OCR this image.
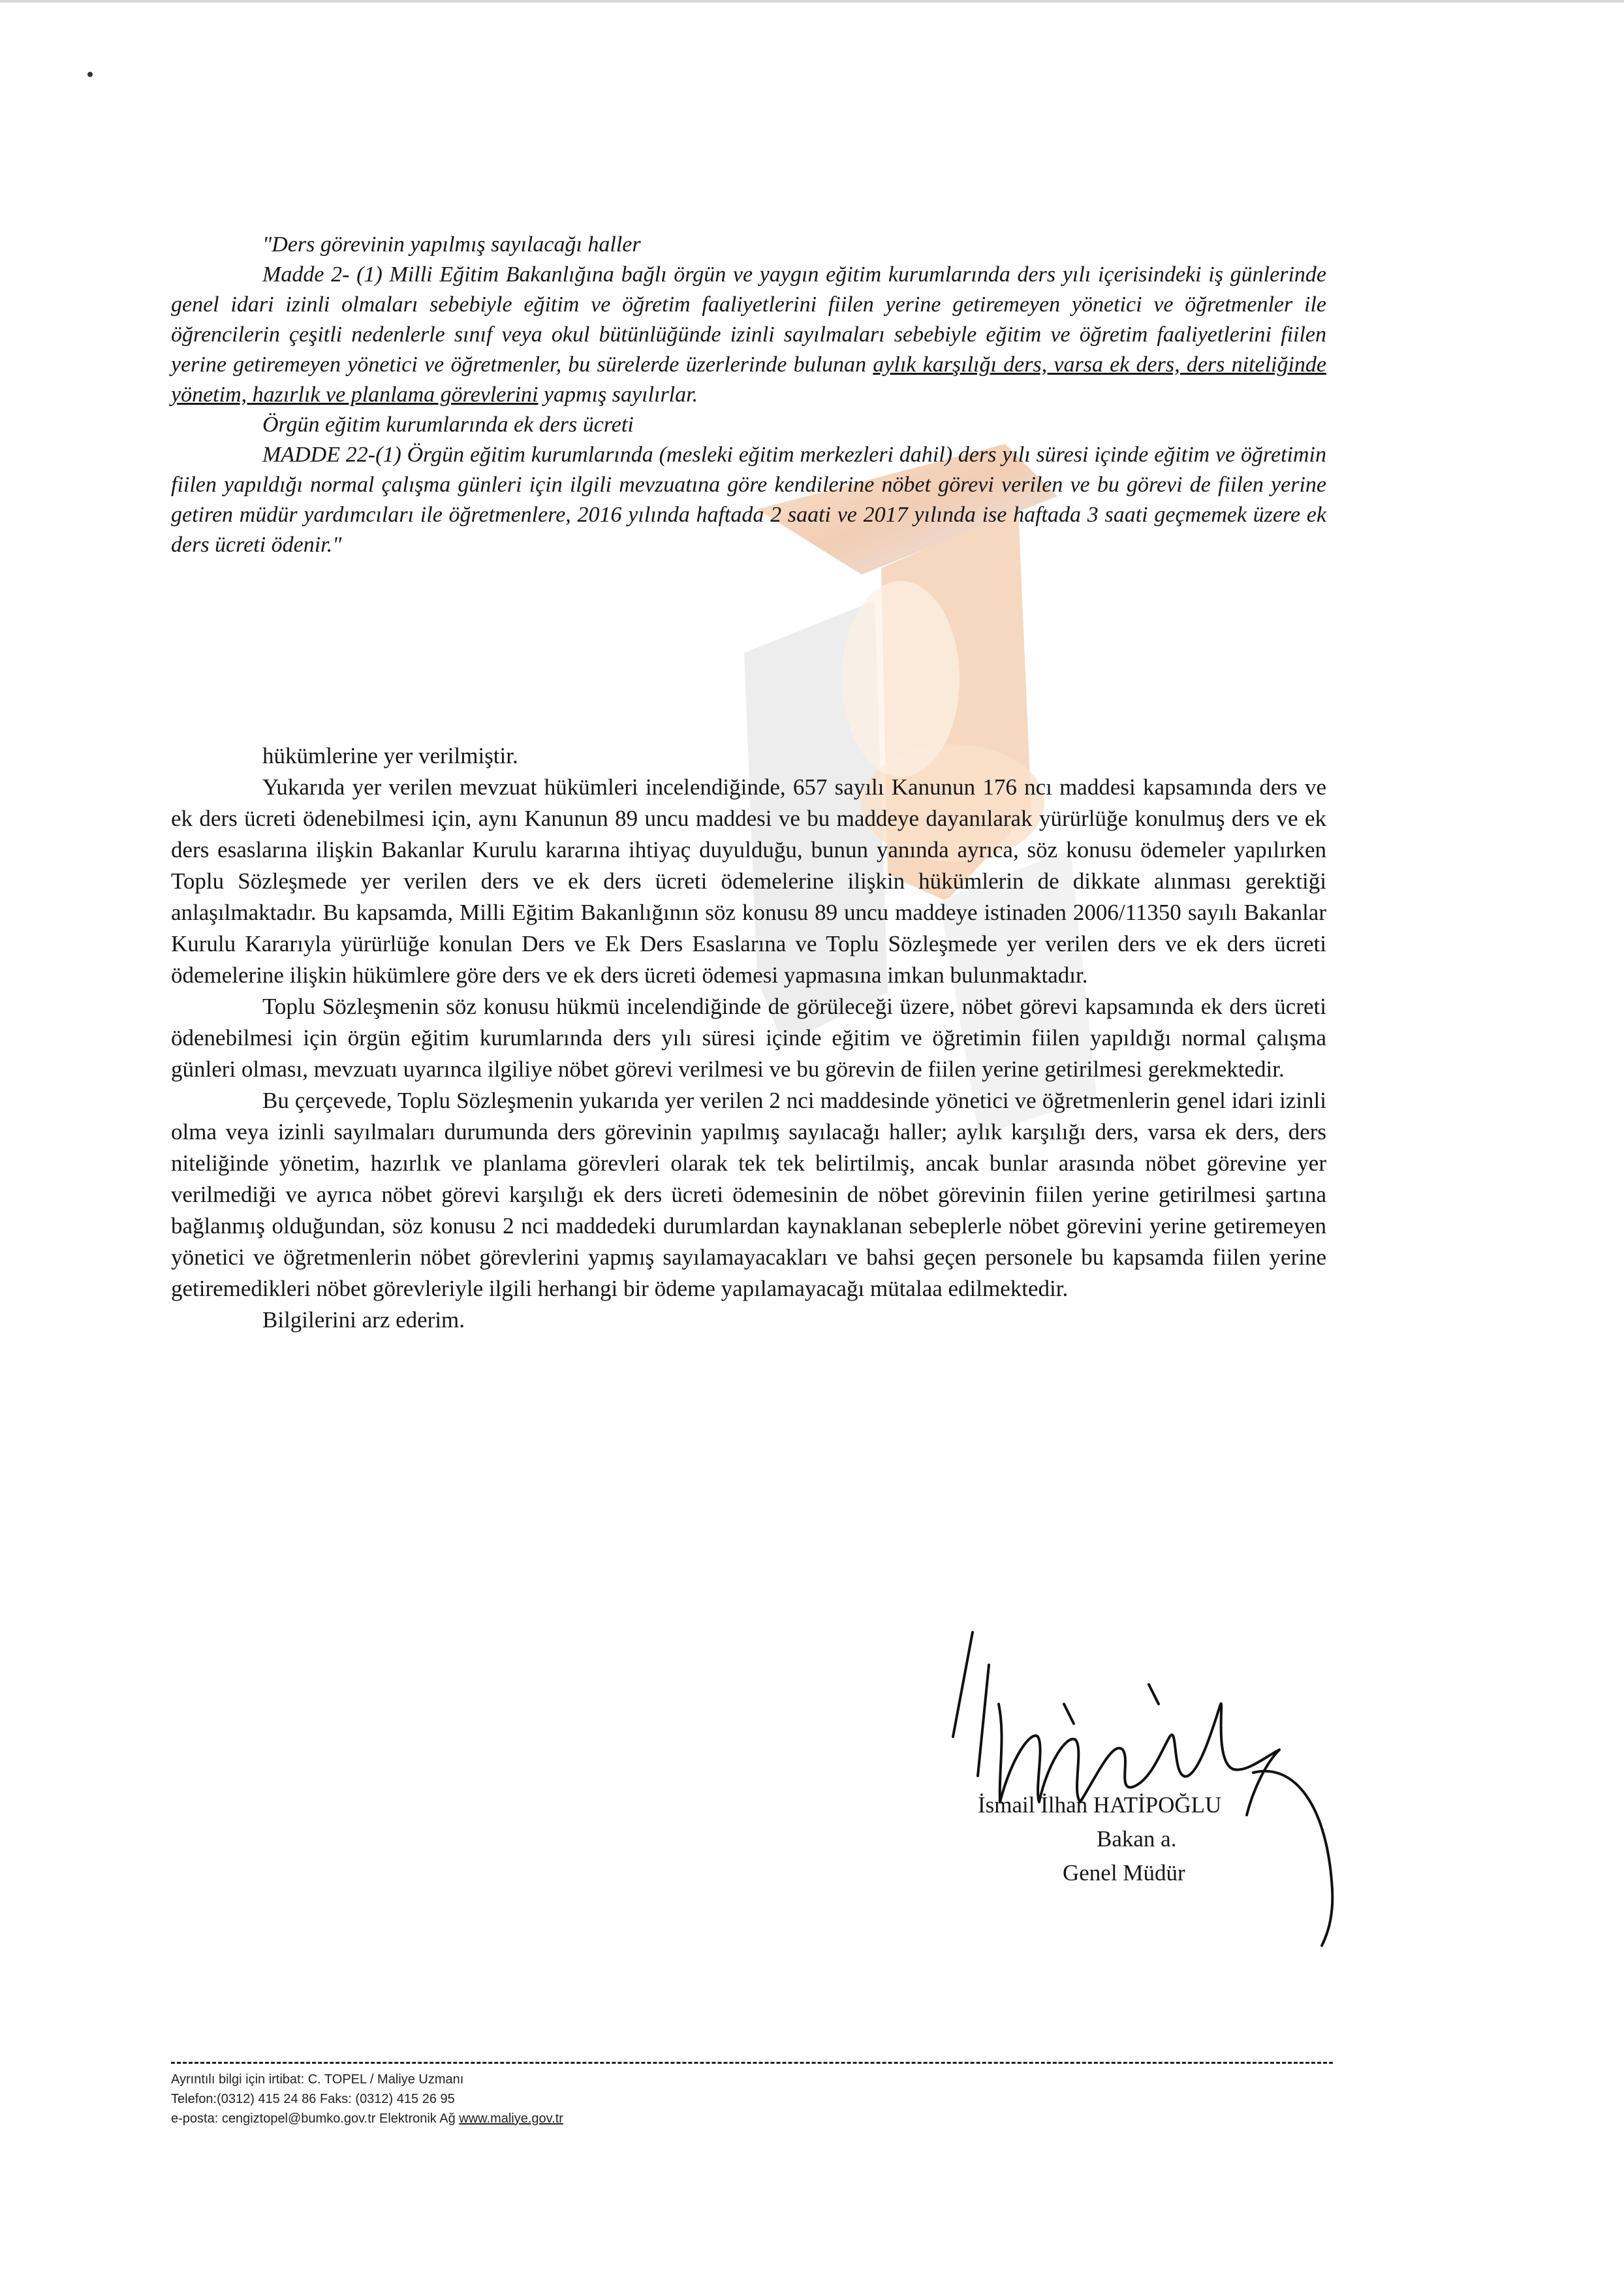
"Ders görevinin yapılmış sayılacağı haller

Madde 2- (1) Milli Eğitim Bakanlığına bağlı örgün ve yaygın eğitim kurumlarında ders yılı içerisindeki iş günlerinde genel idari izinli olmaları sebebiyle eğitim ve öğretim faaliyetlerini fiilen yerine getiremeyen yönetici ve öğretmenler ile öğrencilerin çeşitli nedenlerle sınıf veya okul bütünlüğünde izinli sayılmaları sebebiyle eğitim ve öğretim faaliyetlerini fiilen yerine getiremeyen yönetici ve öğretmenler, bu sürelerde üzerlerinde bulunan aylık karşılığı ders, varsa ek ders, ders niteliğinde yönetim, hazırlık ve planlama görevlerini yapmış sayılırlar.

Örgün eğitim kurumlarında ek ders ücreti

MADDE 22-(1) Örgün eğitim kurumlarında (mesleki eğitim merkezleri dahil) ders yılı süresi içinde eğitim ve öğretimin fiilen yapıldığı normal çalışma günleri için ilgili mevzuatına göre kendilerine nöbet görevi verilen ve bu görevi de fiilen yerine getiren müdür yardımcıları ile öğretmenlere, 2016 yılında haftada 2 saati ve 2017 yılında ise haftada 3 saati geçmemek üzere ek ders ücreti ödenir."

hükümlerine yer verilmiştir.

Yukarıda yer verilen mevzuat hükümleri incelendiğinde, 657 sayılı Kanunun 176 ncı maddesi kapsamında ders ve ek ders ücreti ödenebilmesi için, aynı Kanunun 89 uncu maddesi ve bu maddeye dayanılarak yürürlüğe konulmuş ders ve ek ders esaslarına ilişkin Bakanlar Kurulu kararına ihtiyaç duyulduğu, bunun yanında ayrıca, söz konusu ödemeler yapılırken Toplu Sözleşmede yer verilen ders ve ek ders ücreti ödemelerine ilişkin hükümlerin de dikkate alınması gerektiği anlaşılmaktadır. Bu kapsamda, Milli Eğitim Bakanlığının söz konusu 89 uncu maddeye istinaden 2006/11350 sayılı Bakanlar Kurulu Kararıyla yürürlüğe konulan Ders ve Ek Ders Esaslarına ve Toplu Sözleşmede yer verilen ders ve ek ders ücreti ödemelerine ilişkin hükümlere göre ders ve ek ders ücreti ödemesi yapmasına imkan bulunmaktadır.

Toplu Sözleşmenin söz konusu hükmü incelendiğinde de görüleceği üzere, nöbet görevi kapsamında ek ders ücreti ödenebilmesi için örgün eğitim kurumlarında ders yılı süresi içinde eğitim ve öğretimin fiilen yapıldığı normal çalışma günleri olması, mevzuatı uyarınca ilgiliye nöbet görevi verilmesi ve bu görevin de fiilen yerine getirilmesi gerekmektedir.

Bu çerçevede, Toplu Sözleşmenin yukarıda yer verilen 2 nci maddesinde yönetici ve öğretmenlerin genel idari izinli olma veya izinli sayılmaları durumunda ders görevinin yapılmış sayılacağı haller; aylık karşılığı ders, varsa ek ders, ders niteliğinde yönetim, hazırlık ve planlama görevleri olarak tek tek belirtilmiş, ancak bunlar arasında nöbet görevine yer verilmediği ve ayrıca nöbet görevi karşılığı ek ders ücreti ödemesinin de nöbet görevinin fiilen yerine getirilmesi şartına bağlanmış olduğundan, söz konusu 2 nci maddedeki durumlardan kaynaklanan sebeplerle nöbet görevini yerine getiremeyen yönetici ve öğretmenlerin nöbet görevlerini yapmış sayılamayacakları ve bahsi geçen personele bu kapsamda fiilen yerine getiremedikleri nöbet görevleriyle ilgili herhangi bir ödeme yapılamayacağı mütalaa edilmektedir.

Bilgilerini arz ederim.

İsmail İlhan HATİPOĞLU
Bakan a.
Genel Müdür
Ayrıntılı bilgi için irtibat: C. TOPEL / Maliye Uzmanı
Telefon:(0312) 415 24 86 Faks: (0312) 415 26 95
e-posta: cengiztopel@bumko.gov.tr Elektronik Ağ www.maliye.gov.tr
